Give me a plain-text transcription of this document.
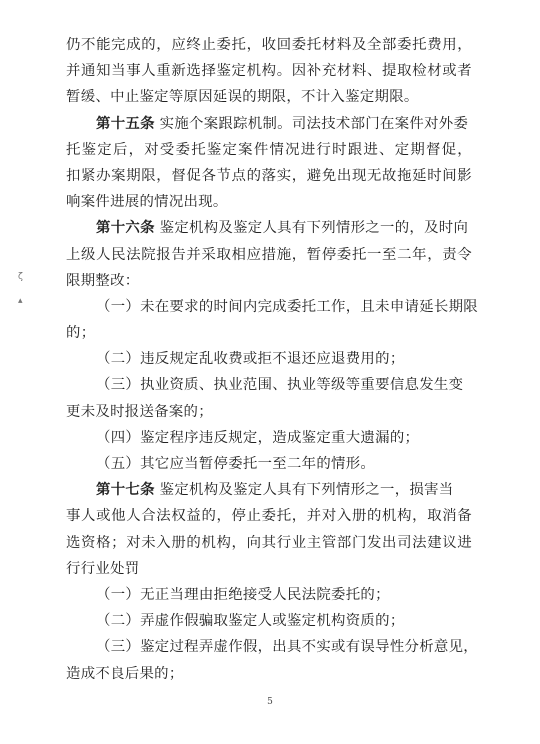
ζ
▴
仍不能完成的，应终止委托，收回委托材料及全部委托费用，
并通知当事人重新选择鉴定机构。因补充材料、提取检材或者
暂缓、中止鉴定等原因延误的期限，不计入鉴定期限。
第十五条 实施个案跟踪机制。司法技术部门在案件对外委
托鉴定后，对受委托鉴定案件情况进行时跟进、定期督促，
扣紧办案期限，督促各节点的落实，避免出现无故拖延时间影
响案件进展的情况出现。
第十六条 鉴定机构及鉴定人具有下列情形之一的，及时向
上级人民法院报告并采取相应措施，暂停委托一至二年，责令
限期整改：
（一）未在要求的时间内完成委托工作，且未申请延长期限
的；
（二）违反规定乱收费或拒不退还应退费用的；
（三）执业资质、执业范围、执业等级等重要信息发生变
更未及时报送备案的；
（四）鉴定程序违反规定，造成鉴定重大遗漏的；
（五）其它应当暂停委托一至二年的情形。
第十七条 鉴定机构及鉴定人具有下列情形之一，损害当
事人或他人合法权益的，停止委托，并对入册的机构，取消备
选资格；对未入册的机构，向其行业主管部门发出司法建议进
行行业处罚
（一）无正当理由拒绝接受人民法院委托的；
（二）弄虚作假骗取鉴定人或鉴定机构资质的；
（三）鉴定过程弄虚作假，出具不实或有误导性分析意见，
造成不良后果的；
5
